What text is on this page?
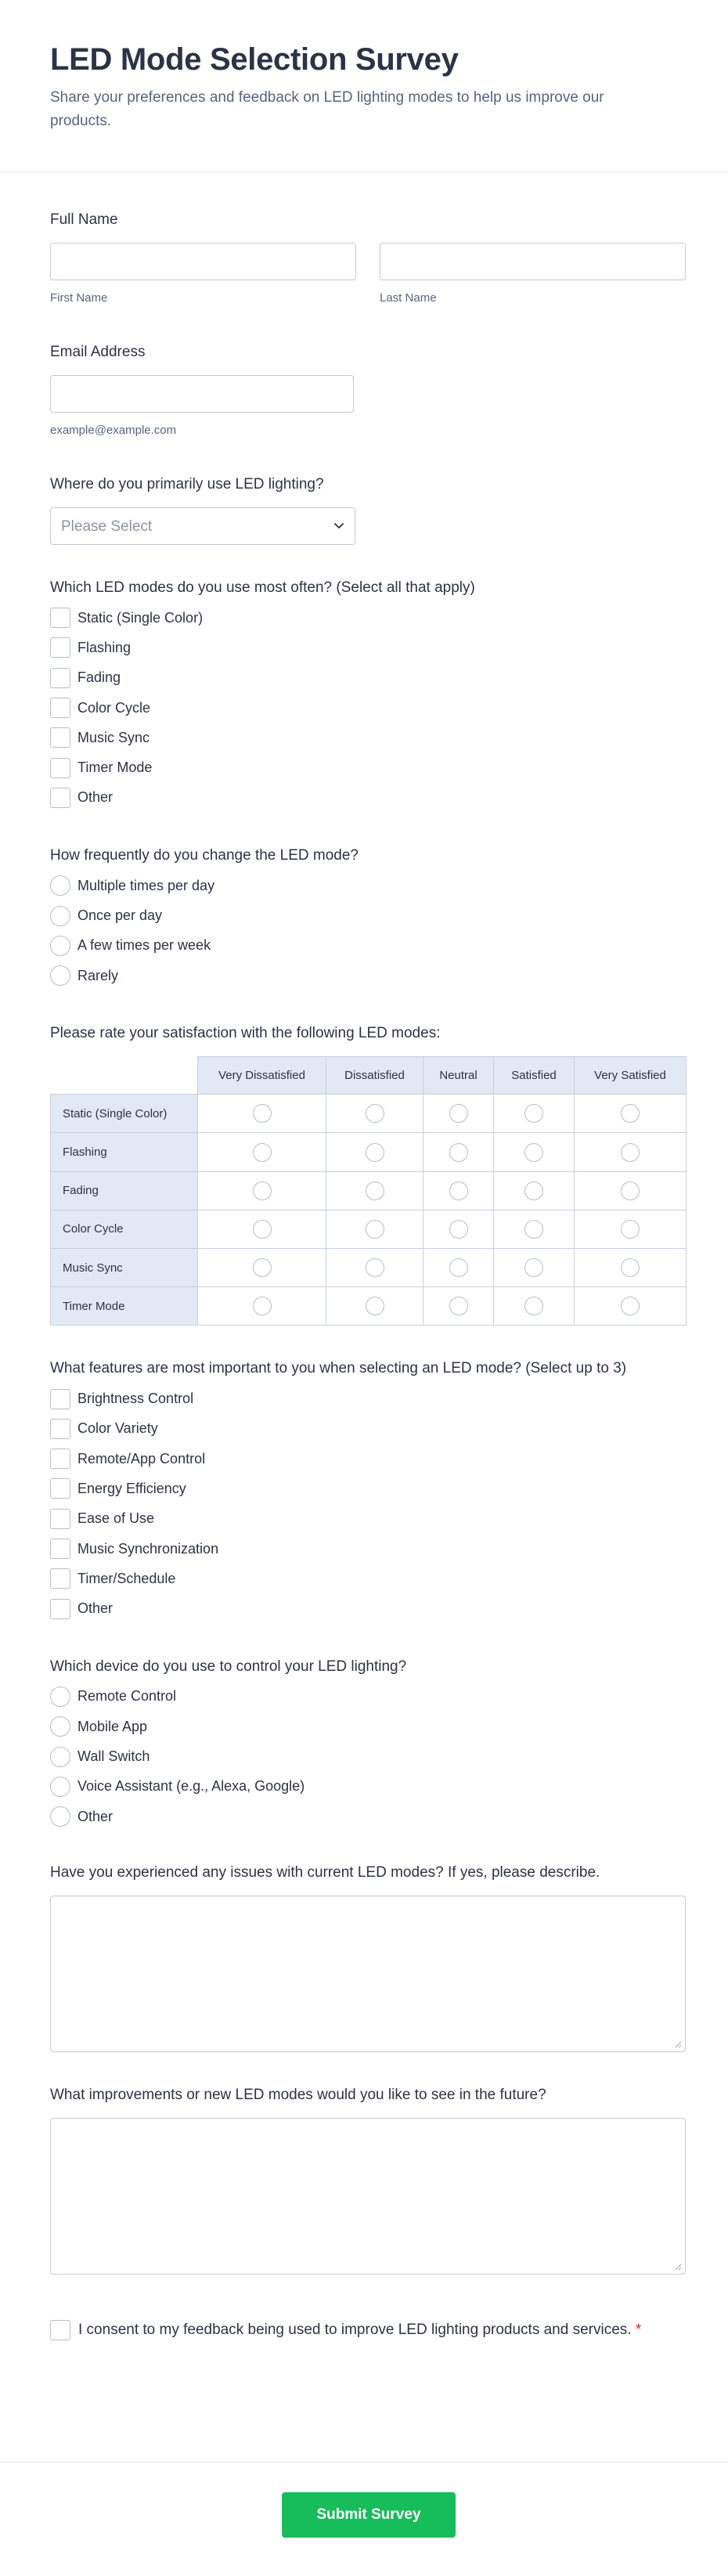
LED Mode Selection Survey

Share your preferences and feedback on LED lighting modes to help us improve our products.

Full Name
First Name	Last Name
Email Address
example@example.com
Where do you primarily use LED lighting?
Please Select
Which LED modes do you use most often? (Select all that apply)
Static (Single Color)
Flashing
Fading
Color Cycle
Music Sync
Timer Mode
Other
How frequently do you change the LED mode?
Multiple times per day
Once per day
A few times per week
Rarely
Please rate your satisfaction with the following LED modes:
	Very Dissatisfied	Dissatisfied	Neutral	Satisfied	Very Satisfied
Static (Single Color)					
Flashing					
Fading					
Color Cycle					
Music Sync					
Timer Mode					
What features are most important to you when selecting an LED mode? (Select up to 3)
Brightness Control
Color Variety
Remote/App Control
Energy Efficiency
Ease of Use
Music Synchronization
Timer/Schedule
Other
Which device do you use to control your LED lighting?
Remote Control
Mobile App
Wall Switch
Voice Assistant (e.g., Alexa, Google)
Other
Have you experienced any issues with current LED modes? If yes, please describe.
What improvements or new LED modes would you like to see in the future?
I consent to my feedback being used to improve LED lighting products and services. *
Submit Survey
